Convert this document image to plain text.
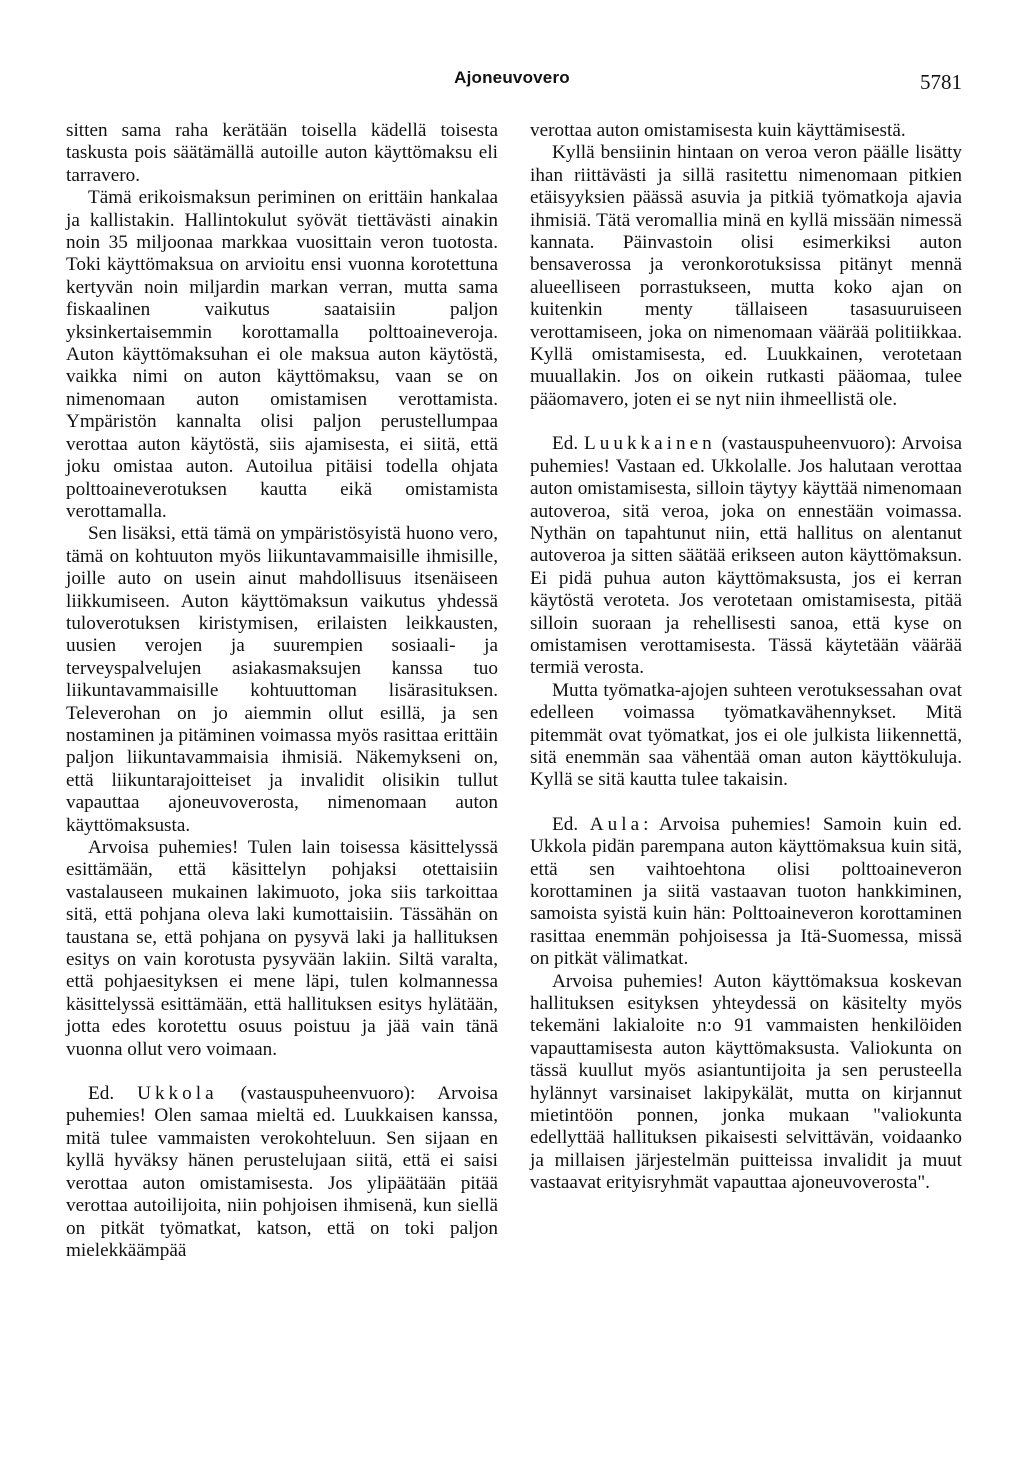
Ajoneuvovero	5781

sitten sama raha kerätään toisella kädellä toisesta taskusta pois säätämällä autoille auton käyttömaksu eli tarravero.

Tämä erikoismaksun periminen on erittäin hankalaa ja kallistakin. Hallintokulut syövät tiettävästi ainakin noin 35 miljoonaa markkaa vuosittain veron tuotosta. Toki käyttömaksua on arvioitu ensi vuonna korotettuna kertyvän noin miljardin markan verran, mutta sama fiskaalinen vaikutus saataisiin paljon yksinkertaisemmin korottamalla polttoaineveroja. Auton käyttömaksuhan ei ole maksua auton käytöstä, vaikka nimi on auton käyttömaksu, vaan se on nimenomaan auton omistamisen verottamista. Ympäristön kannalta olisi paljon perustellumpaa verottaa auton käytöstä, siis ajamisesta, ei siitä, että joku omistaa auton. Autoilua pitäisi todella ohjata polttoaineverotuksen kautta eikä omistamista verottamalla.

Sen lisäksi, että tämä on ympäristösyistä huono vero, tämä on kohtuuton myös liikuntavammaisille ihmisille, joille auto on usein ainut mahdollisuus itsenäiseen liikkumiseen. Auton käyttömaksun vaikutus yhdessä tuloverotuksen kiristymisen, erilaisten leikkausten, uusien verojen ja suurempien sosiaali- ja terveyspalvelujen asiakasmaksujen kanssa tuo liikuntavammaisille kohtuuttoman lisärasituksen. Televerohan on jo aiemmin ollut esillä, ja sen nostaminen ja pitäminen voimassa myös rasittaa erittäin paljon liikuntavammaisia ihmisiä. Näkemykseni on, että liikuntarajoitteiset ja invalidit olisikin tullut vapauttaa ajoneuvoverosta, nimenomaan auton käyttömaksusta.

Arvoisa puhemies! Tulen lain toisessa käsittelyssä esittämään, että käsittelyn pohjaksi otettaisiin vastalauseen mukainen lakimuoto, joka siis tarkoittaa sitä, että pohjana oleva laki kumottaisiin. Tässähän on taustana se, että pohjana on pysyvä laki ja hallituksen esitys on vain korotusta pysyvään lakiin. Siltä varalta, että pohjaesityksen ei mene läpi, tulen kolmannessa käsittelyssä esittämään, että hallituksen esitys hylätään, jotta edes korotettu osuus poistuu ja jää vain tänä vuonna ollut vero voimaan.

Ed. Ukkola (vastauspuheenvuoro): Arvoisa puhemies! Olen samaa mieltä ed. Luukkaisen kanssa, mitä tulee vammaisten verokohteluun. Sen sijaan en kyllä hyväksy hänen perustelujaan siitä, että ei saisi verottaa auton omistamisesta. Jos ylipäätään pitää verottaa autoilijoita, niin pohjoisen ihmisenä, kun siellä on pitkät työmatkat, katson, että on toki paljon mielekkäämpää

verottaa auton omistamisesta kuin käyttämisestä.

Kyllä bensiinin hintaan on veroa veron päälle lisätty ihan riittävästi ja sillä rasitettu nimenomaan pitkien etäisyyksien päässä asuvia ja pitkiä työmatkoja ajavia ihmisiä. Tätä veromallia minä en kyllä missään nimessä kannata. Päinvastoin olisi esimerkiksi auton bensaverossa ja veronkorotuksissa pitänyt mennä alueelliseen porrastukseen, mutta koko ajan on kuitenkin menty tällaiseen tasasuuruiseen verottamiseen, joka on nimenomaan väärää politiikkaa. Kyllä omistamisesta, ed. Luukkainen, verotetaan muuallakin. Jos on oikein rutkasti pääomaa, tulee pääomavero, joten ei se nyt niin ihmeellistä ole.

Ed. Luukkainen (vastauspuheenvuoro): Arvoisa puhemies! Vastaan ed. Ukkolalle. Jos halutaan verottaa auton omistamisesta, silloin täytyy käyttää nimenomaan autoveroa, sitä veroa, joka on ennestään voimassa. Nythän on tapahtunut niin, että hallitus on alentanut autoveroa ja sitten säätää erikseen auton käyttömaksun. Ei pidä puhua auton käyttömaksusta, jos ei kerran käytöstä veroteta. Jos verotetaan omistamisesta, pitää silloin suoraan ja rehellisesti sanoa, että kyse on omistamisen verottamisesta. Tässä käytetään väärää termiä verosta.

Mutta työmatka-ajojen suhteen verotuksessahan ovat edelleen voimassa työmatkavähennykset. Mitä pitemmät ovat työmatkat, jos ei ole julkista liikennettä, sitä enemmän saa vähentää oman auton käyttökuluja. Kyllä se sitä kautta tulee takaisin.

Ed. Aula: Arvoisa puhemies! Samoin kuin ed. Ukkola pidän parempana auton käyttömaksua kuin sitä, että sen vaihtoehtona olisi polttoaineveron korottaminen ja siitä vastaavan tuoton hankkiminen, samoista syistä kuin hän: Polttoaineveron korottaminen rasittaa enemmän pohjoisessa ja Itä-Suomessa, missä on pitkät välimatkat.

Arvoisa puhemies! Auton käyttömaksua koskevan hallituksen esityksen yhteydessä on käsitelty myös tekemäni lakialoite n:o 91 vammaisten henkilöiden vapauttamisesta auton käyttömaksusta. Valiokunta on tässä kuullut myös asiantuntijoita ja sen perusteella hylännyt varsinaiset lakipykälät, mutta on kirjannut mietintöön ponnen, jonka mukaan "valiokunta edellyttää hallituksen pikaisesti selvittävän, voidaanko ja millaisen järjestelmän puitteissa invalidit ja muut vastaavat erityisryhmät vapauttaa ajoneuvoverosta".
